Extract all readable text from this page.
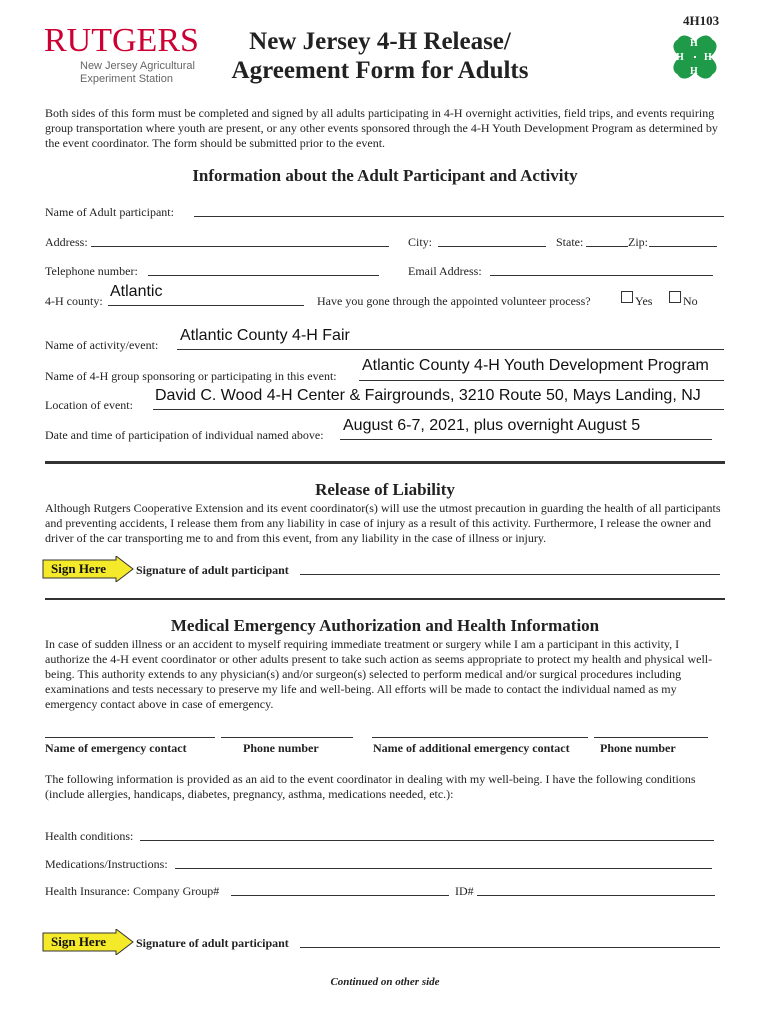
RUTGERS
New Jersey Agricultural
Experiment Station
New Jersey 4-H Release/
Agreement Form for Adults
4H103
H
H
H
H
Both sides of this form must be completed and signed by all adults participating in 4-H overnight activities, field trips, and events requiring group transportation where youth are present, or any other events sponsored through the 4-H Youth Development Program as determined by the event coordinator. The form should be submitted prior to the event.
Information about the Adult Participant and Activity
Name of Adult participant:
Address:	City:	State:	Zip:
Telephone number:	Email Address:
4-H county:
Atlantic
Have you gone through the appointed volunteer process?	Yes	No
Name of activity/event:
Atlantic County 4-H Fair
Name of 4-H group sponsoring or participating in this event:
Atlantic County 4-H Youth Development Program
Location of event:
David C. Wood 4-H Center & Fairgrounds, 3210 Route 50, Mays Landing, NJ
Date and time of participation of individual named above:
August 6-7, 2021, plus overnight August 5
Release of Liability
Although Rutgers Cooperative Extension and its event coordinator(s) will use the utmost precaution in guarding the health of all participants and preventing accidents, I release them from any liability in case of injury as a result of this activity. Furthermore, I release the owner and driver of the car transporting me to and from this event, from any liability in the case of illness or injury.
Sign Here Signature of adult participant
Medical Emergency Authorization and Health Information
In case of sudden illness or an accident to myself requiring immediate treatment or surgery while I am a participant in this activity, I authorize the 4-H event coordinator or other adults present to take such action as seems appropriate to protect my health and physical well-being. This authority extends to any physician(s) and/or surgeon(s) selected to perform medical and/or surgical procedures including examinations and tests necessary to preserve my life and well-being. All efforts will be made to contact the individual named as my emergency contact above in case of emergency.
Name of emergency contact	Phone number	Name of additional emergency contact	Phone number
The following information is provided as an aid to the event coordinator in dealing with my well-being. I have the following conditions (include allergies, handicaps, diabetes, pregnancy, asthma, medications needed, etc.):
Health conditions:
Medications/Instructions:
Health Insurance: Company Group#	ID#
Sign Here Signature of adult participant
Continued on other side
